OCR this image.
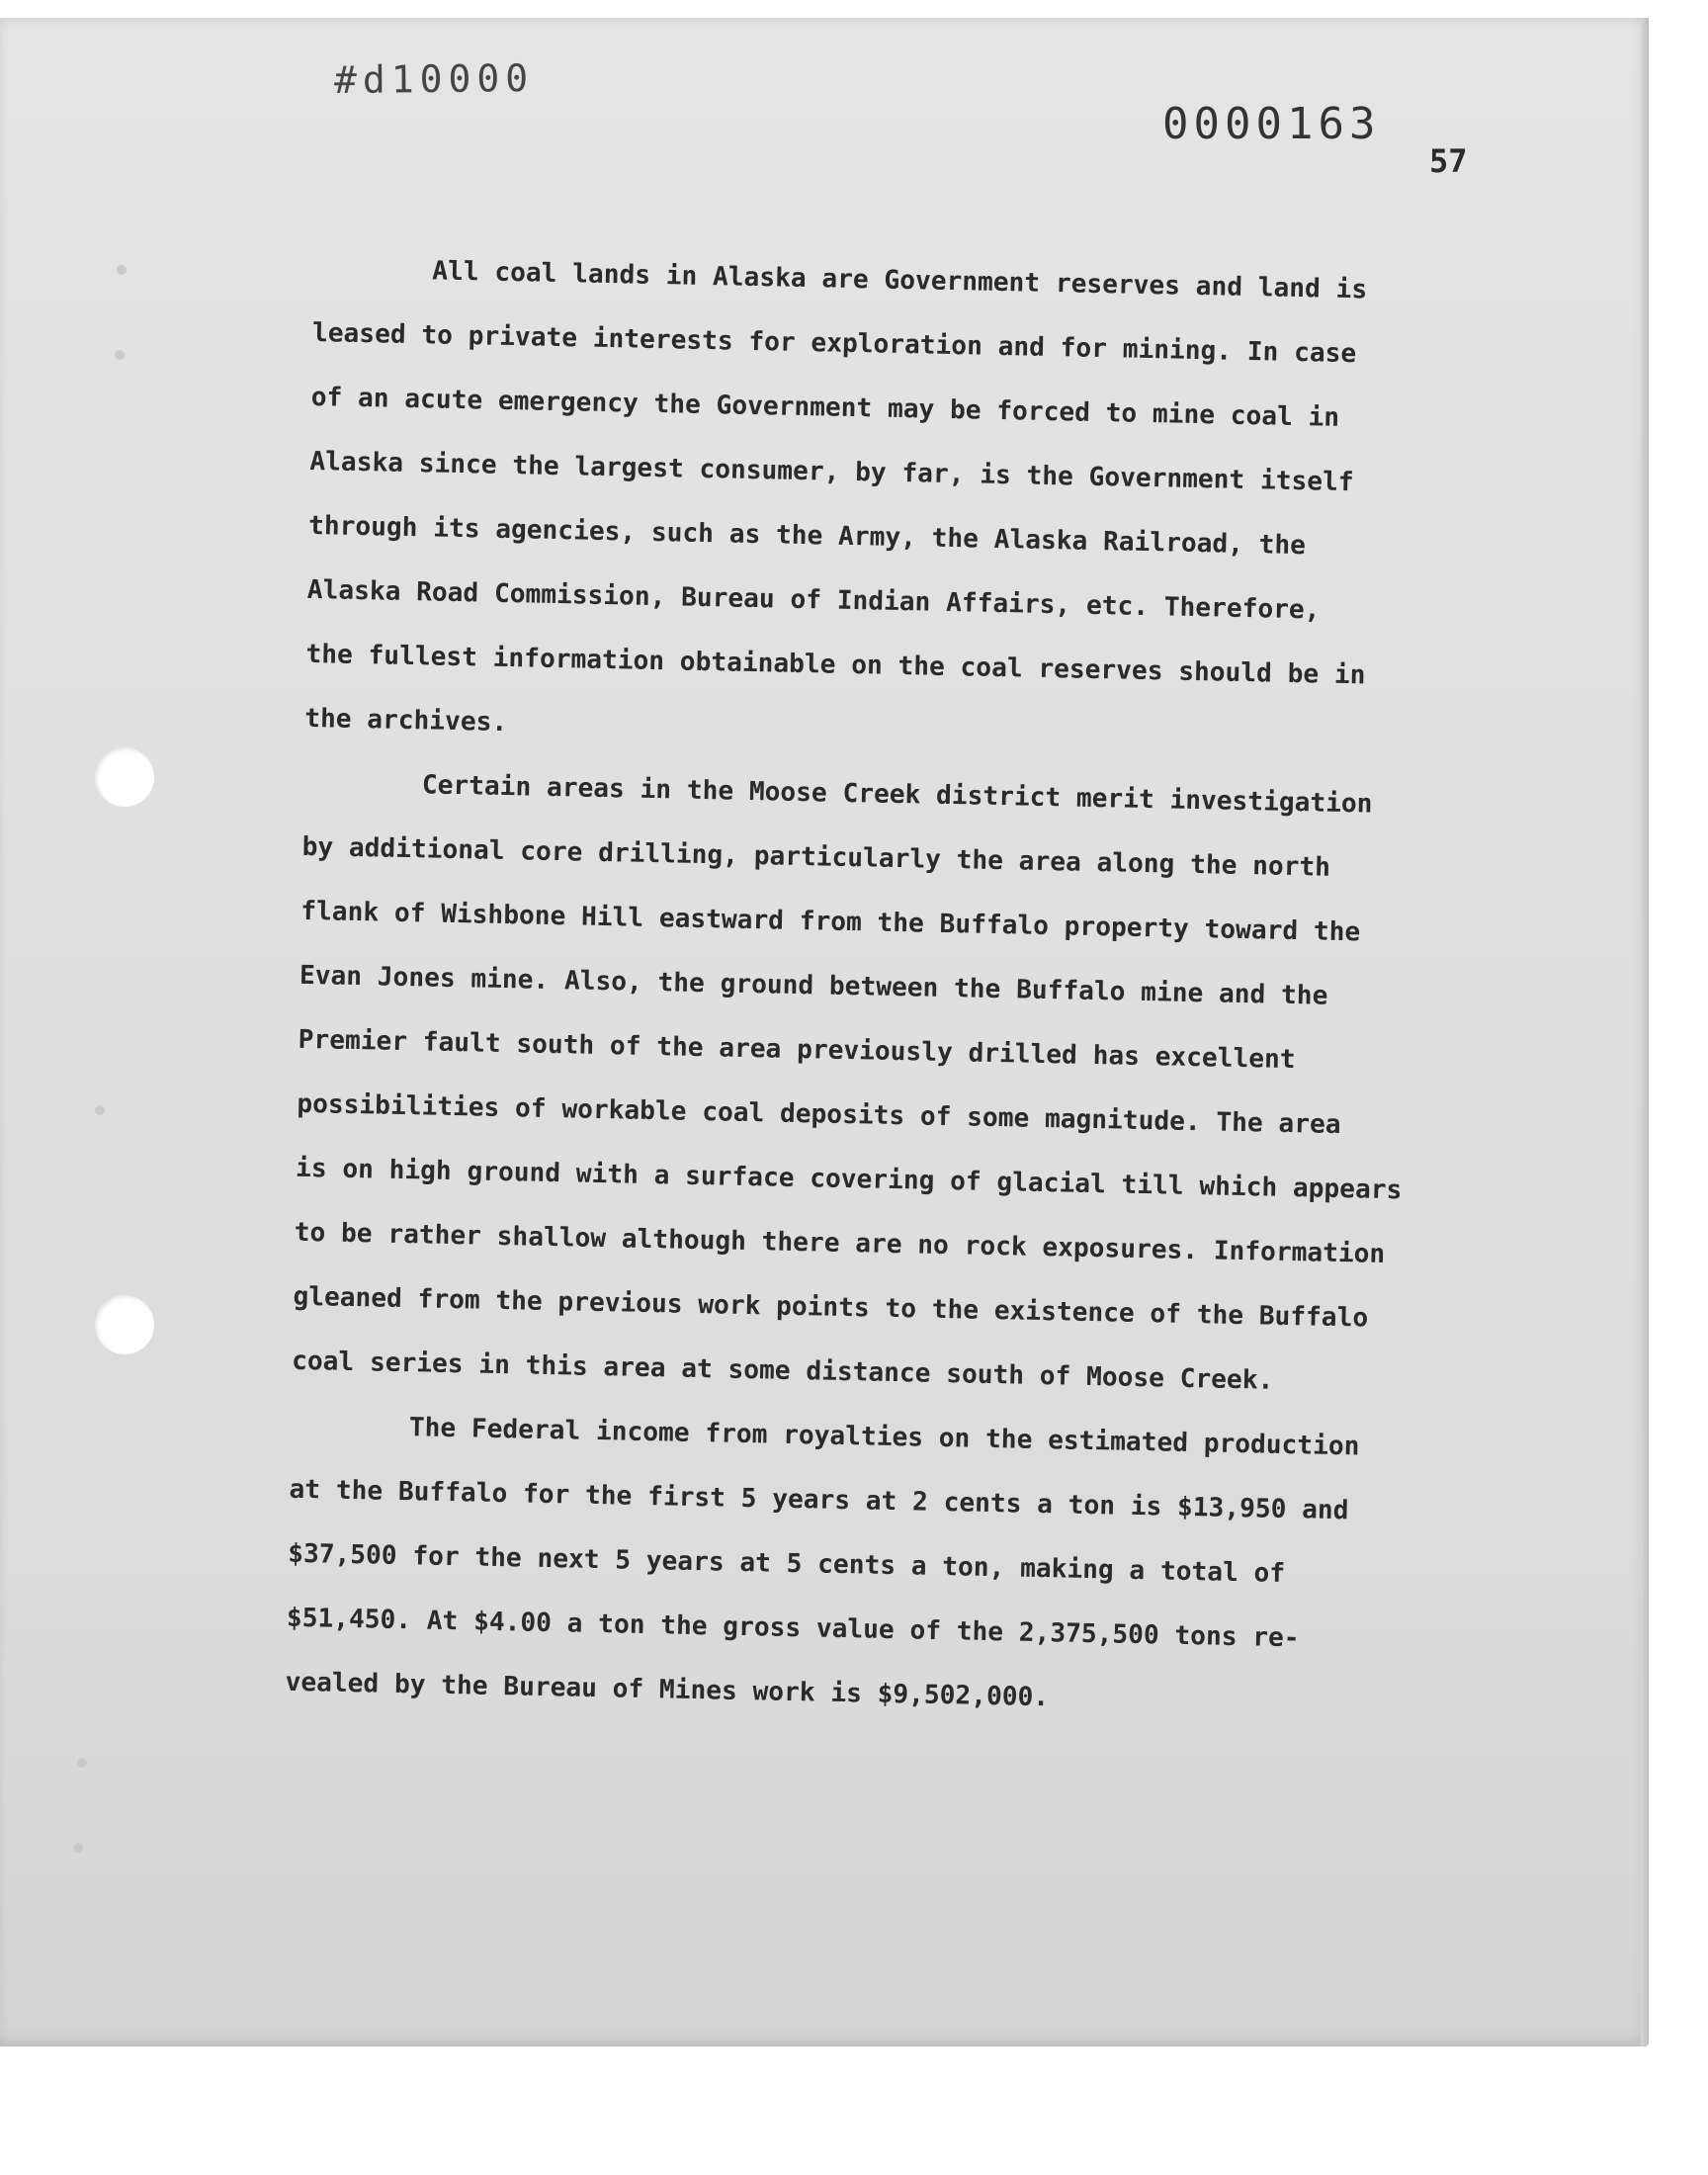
#d10000

0000163

57

All coal lands in Alaska are Government reserves and land is
leased to private interests for exploration and for mining. In case
of an acute emergency the Government may be forced to mine coal in
Alaska since the largest consumer, by far, is the Government itself
through its agencies, such as the Army, the Alaska Railroad, the
Alaska Road Commission, Bureau of Indian Affairs, etc. Therefore,
the fullest information obtainable on the coal reserves should be in
the archives.

Certain areas in the Moose Creek district merit investigation
by additional core drilling, particularly the area along the north
flank of Wishbone Hill eastward from the Buffalo property toward the
Evan Jones mine. Also, the ground between the Buffalo mine and the
Premier fault south of the area previously drilled has excellent
possibilities of workable coal deposits of some magnitude. The area
is on high ground with a surface covering of glacial till which appears
to be rather shallow although there are no rock exposures. Information
gleaned from the previous work points to the existence of the Buffalo
coal series in this area at some distance south of Moose Creek.

The Federal income from royalties on the estimated production
at the Buffalo for the first 5 years at 2 cents a ton is $13,950 and
$37,500 for the next 5 years at 5 cents a ton, making a total of
$51,450. At $4.00 a ton the gross value of the 2,375,500 tons re-
vealed by the Bureau of Mines work is $9,502,000.
